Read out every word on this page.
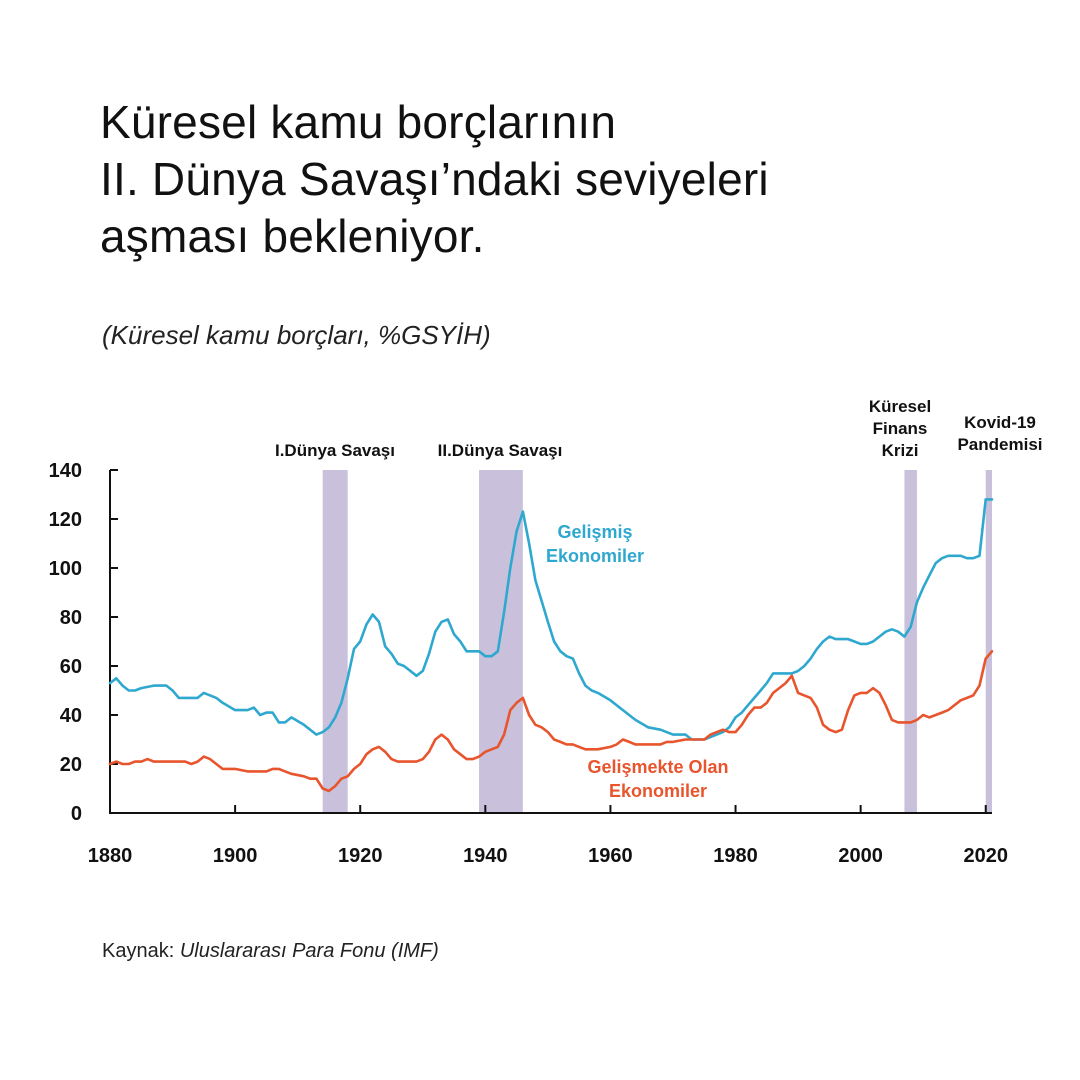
Küresel kamu borçlarının
II. Dünya Savaşı’ndaki seviyeleri
aşması bekleniyor.
(Küresel kamu borçları, %GSYİH)
0
20
40
60
80
100
120
140
1880	1900	1920	1940	1960	1980	2000	2020
I.Dünya Savaşı	II.Dünya Savaşı
Küresel Finans Krizi
Kovid-19 Pandemisi
Gelişmiş Ekonomiler
Gelişmekte Olan Ekonomiler
Kaynak: Uluslararası Para Fonu (IMF)
